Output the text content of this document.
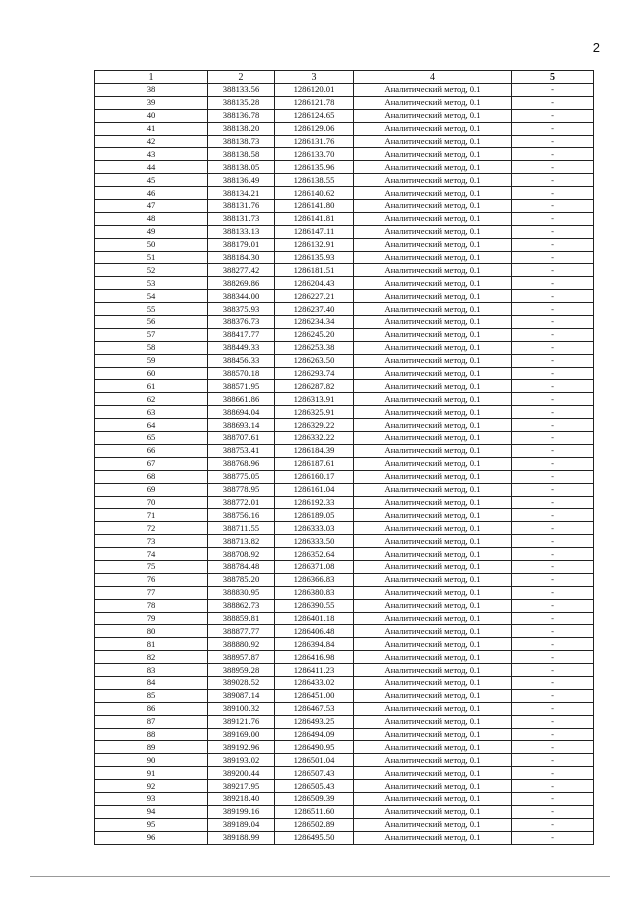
2
1	2	3	4	5
38	388133.56	1286120.01	Аналитический метод, 0.1	-
39	388135.28	1286121.78	Аналитический метод, 0.1	-
40	388136.78	1286124.65	Аналитический метод, 0.1	-
41	388138.20	1286129.06	Аналитический метод, 0.1	-
42	388138.73	1286131.76	Аналитический метод, 0.1	-
43	388138.58	1286133.70	Аналитический метод, 0.1	-
44	388138.05	1286135.96	Аналитический метод, 0.1	-
45	388136.49	1286138.55	Аналитический метод, 0.1	-
46	388134.21	1286140.62	Аналитический метод, 0.1	-
47	388131.76	1286141.80	Аналитический метод, 0.1	-
48	388131.73	1286141.81	Аналитический метод, 0.1	-
49	388133.13	1286147.11	Аналитический метод, 0.1	-
50	388179.01	1286132.91	Аналитический метод, 0.1	-
51	388184.30	1286135.93	Аналитический метод, 0.1	-
52	388277.42	1286181.51	Аналитический метод, 0.1	-
53	388269.86	1286204.43	Аналитический метод, 0.1	-
54	388344.00	1286227.21	Аналитический метод, 0.1	-
55	388375.93	1286237.40	Аналитический метод, 0.1	-
56	388376.73	1286234.34	Аналитический метод, 0.1	-
57	388417.77	1286245.20	Аналитический метод, 0.1	-
58	388449.33	1286253.38	Аналитический метод, 0.1	-
59	388456.33	1286263.50	Аналитический метод, 0.1	-
60	388570.18	1286293.74	Аналитический метод, 0.1	-
61	388571.95	1286287.82	Аналитический метод, 0.1	-
62	388661.86	1286313.91	Аналитический метод, 0.1	-
63	388694.04	1286325.91	Аналитический метод, 0.1	-
64	388693.14	1286329.22	Аналитический метод, 0.1	-
65	388707.61	1286332.22	Аналитический метод, 0.1	-
66	388753.41	1286184.39	Аналитический метод, 0.1	-
67	388768.96	1286187.61	Аналитический метод, 0.1	-
68	388775.05	1286160.17	Аналитический метод, 0.1	-
69	388778.95	1286161.04	Аналитический метод, 0.1	-
70	388772.01	1286192.33	Аналитический метод, 0.1	-
71	388756.16	1286189.05	Аналитический метод, 0.1	-
72	388711.55	1286333.03	Аналитический метод, 0.1	-
73	388713.82	1286333.50	Аналитический метод, 0.1	-
74	388708.92	1286352.64	Аналитический метод, 0.1	-
75	388784.48	1286371.08	Аналитический метод, 0.1	-
76	388785.20	1286366.83	Аналитический метод, 0.1	-
77	388830.95	1286380.83	Аналитический метод, 0.1	-
78	388862.73	1286390.55	Аналитический метод, 0.1	-
79	388859.81	1286401.18	Аналитический метод, 0.1	-
80	388877.77	1286406.48	Аналитический метод, 0.1	-
81	388880.92	1286394.84	Аналитический метод, 0.1	-
82	388957.87	1286416.98	Аналитический метод, 0.1	-
83	388959.28	1286411.23	Аналитический метод, 0.1	-
84	389028.52	1286433.02	Аналитический метод, 0.1	-
85	389087.14	1286451.00	Аналитический метод, 0.1	-
86	389100.32	1286467.53	Аналитический метод, 0.1	-
87	389121.76	1286493.25	Аналитический метод, 0.1	-
88	389169.00	1286494.09	Аналитический метод, 0.1	-
89	389192.96	1286490.95	Аналитический метод, 0.1	-
90	389193.02	1286501.04	Аналитический метод, 0.1	-
91	389200.44	1286507.43	Аналитический метод, 0.1	-
92	389217.95	1286505.43	Аналитический метод, 0.1	-
93	389218.40	1286509.39	Аналитический метод, 0.1	-
94	389199.16	1286511.60	Аналитический метод, 0.1	-
95	389189.04	1286502.89	Аналитический метод, 0.1	-
96	389188.99	1286495.50	Аналитический метод, 0.1	-
